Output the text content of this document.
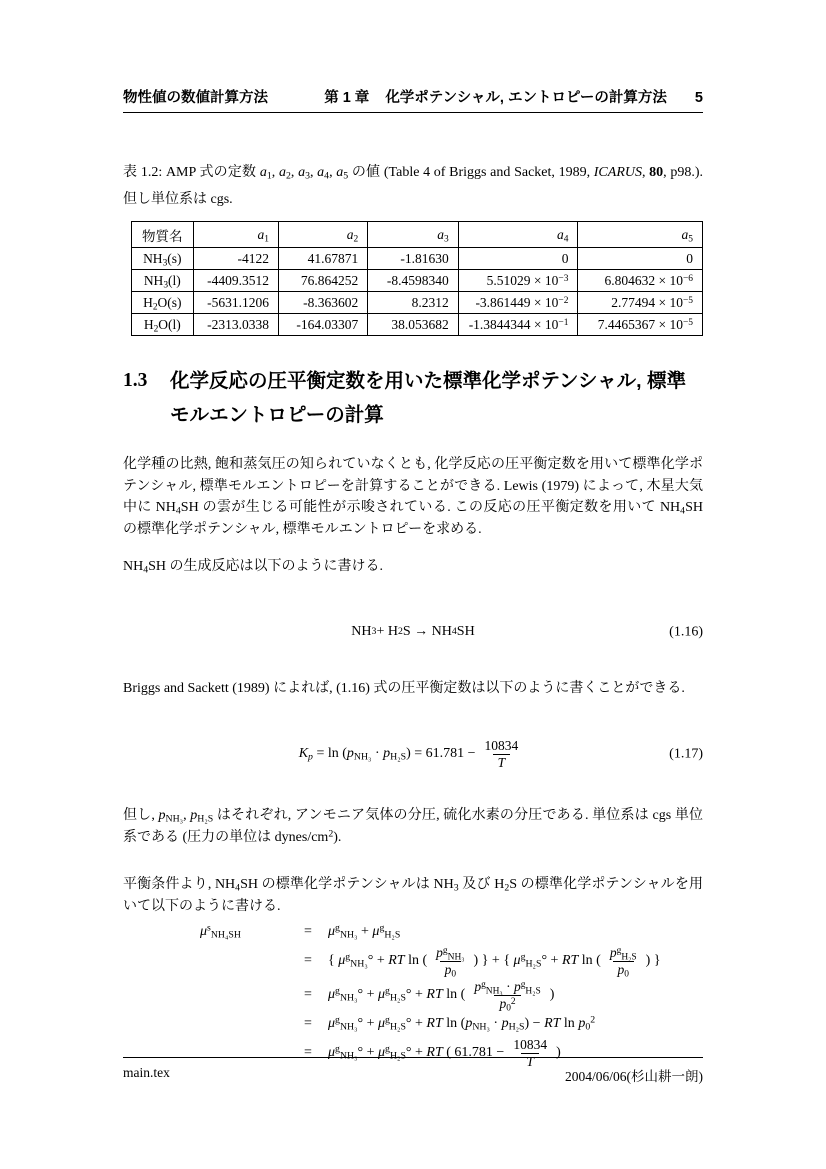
物性値の数値計算方法	第 1 章 化学ポテンシャル, エントロピーの計算方法 5

表 1.2: AMP 式の定数 $a_1$, $a_2$, $a_3$, $a_4$, $a_5$ の値 (Table 4 of Briggs and Sacket, 1989, ICARUS, 80, p98.). 但し単位系は cgs.

物質名	$a_1$	$a_2$	$a_3$	$a_4$	$a_5$
$NH_3(s)$	-4122	41.67871	-1.81630	0	0
$NH_3(l)$	-4409.3512	76.864252	-8.4598340	$5.51029 \times 10^{-3}$	$6.804632 \times 10^{-6}$
$H_2O(s)$	-5631.1206	-8.363602	8.2312	$-3.861449 \times 10^{-2}$	$2.77494 \times 10^{-5}$
$H_2O(l)$	-2313.0338	-164.03307	38.053682	$-1.3844344 \times 10^{-1}$	$7.4465367 \times 10^{-5}$
1.3	化学反応の圧平衡定数を用いた標準化学ポテンシャル, 標準モルエントロピーの計算

化学種の比熱, 飽和蒸気圧の知られていなくとも, 化学反応の圧平衡定数を用いて標準化学ポテンシャル, 標準モルエントロピーを計算することができる. Lewis (1979) によって, 木星大気中に $NH_4SH$ の雲が生じる可能性が示唆されている. この反応の圧平衡定数を用いて $NH_4SH$ の標準化学ポテンシャル, 標準モルエントロピーを求める.

$NH_4SH$ の生成反応は以下のように書ける.

NH 3 + H 2 S → NH 4 SH	(1.16)

Briggs and Sackett (1989) によれば, (1.16) 式の圧平衡定数は以下のように書くことができる.

$K_p = \ln (p_{NH_3} \cdot p_{H_2S}) = 61.781 - \frac{10834}{T}$	(1.17)

但し, $p_{NH_3}$, $p_{H_2S}$ はそれぞれ, アンモニア気体の分圧, 硫化水素の分圧である. 単位系は cgs 単位系である (圧力の単位は dynes/$cm^2$).

平衡条件より, $NH_4SH$ の標準化学ポテンシャルは $NH_3$ 及び $H_2S$ の標準化学ポテンシャルを用いて以下のように書ける.

$\mu^s_{NH_4SH}$	=	$\mu^g_{NH_3} + \mu^g_{H_2S}$
=	{ $\mu^g_{NH_3}^\circ$ + RT ln ( $\frac{p^g_{NH_3}}{p_0}$ ) } + { $\mu^g_{H_2S}^\circ$ + RT ln ( $\frac{p^g_{H_2S}}{p_0}$ ) }
=	$\mu^g_{NH_3}^\circ + \mu^g_{H_2S}^\circ$ + RT ln ( $\frac{p^g_{NH_3} \cdot p^g_{H_2S}}{p_0^2}$ )
=	$\mu^g_{NH_3}^\circ + \mu^g_{H_2S}^\circ$ + RT $\ln (p_{NH_3} \cdot p_{H_2S})$ − RT $\ln p_0^2$
=	$\mu^g_{NH_3}^\circ + \mu^g_{H_2S}^\circ$ + RT ( $61.781 - \frac{10834}{T}$ )
main.tex	2004/06/06(杉山耕一朗)
